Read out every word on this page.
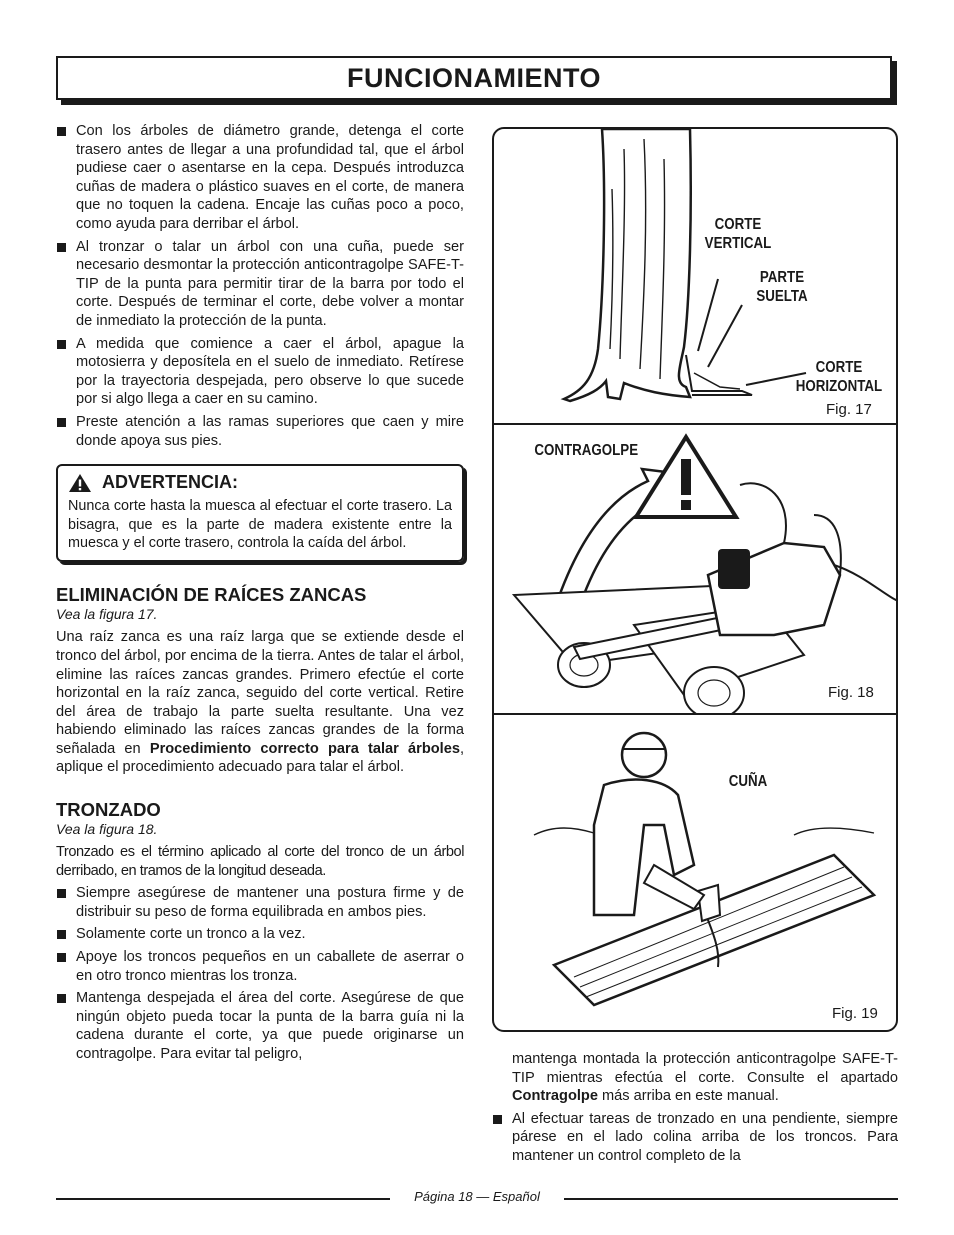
FUNCIONAMIENTO
Con los árboles de diámetro grande, detenga el corte trasero antes de llegar a una profundidad tal, que el árbol pudiese caer o asentarse en la cepa. Después introduzca cuñas de madera o plástico suaves en el corte, de manera que no toquen la cadena. Encaje las cuñas poco a poco, como ayuda para derribar el árbol.
Al tronzar o talar un árbol con una cuña, puede ser necesario desmontar la protección anticontragolpe SAFE-T-TIP de la punta para permitir tirar de la barra por todo el corte. Después de terminar el corte, debe volver a montar de inmediato la protección de la punta.
A medida que comience a caer el árbol, apague la motosierra y deposítela en el suelo de inmediato. Retírese por la trayectoria despejada, pero observe lo que sucede por si algo llega a caer en su camino.
Preste atención a las ramas superiores que caen y mire donde apoya sus pies.
ADVERTENCIA:

Nunca corte hasta la muesca al efectuar el corte trasero. La bisagra, que es la parte de madera existente entre la muesca y el corte trasero, controla la caída del árbol.

ELIMINACIÓN DE RAÍCES ZANCAS
Vea la figura 17.

Una raíz zanca es una raíz larga que se extiende desde el tronco del árbol, por encima de la tierra. Antes de talar el árbol, elimine las raíces zancas grandes. Primero efectúe el corte horizontal en la raíz zanca, seguido del corte vertical. Retire del área de trabajo la parte suelta resultante. Una vez habiendo eliminado las raíces zancas grandes de la forma señalada en Procedimiento correcto para talar árboles, aplique el procedimiento adecuado para talar el árbol.

TRONZADO
Vea la figura 18.

Tronzado es el término aplicado al corte del tronco de un árbol derribado, en tramos de la longitud deseada.

Siempre asegúrese de mantener una postura firme y de distribuir su peso de forma equilibrada en ambos pies.
Solamente corte un tronco a la vez.
Apoye los troncos pequeños en un caballete de aserrar o en otro tronco mientras los tronza.
Mantenga despejada el área del corte. Asegúrese de que ningún objeto pueda tocar la punta de la barra guía ni la cadena durante el corte, ya que puede originarse un contragolpe. Para evitar tal peligro,
CORTE
VERTICAL
PARTE
SUELTA
CORTE
HORIZONTAL
Fig. 17
CONTRAGOLPE
Fig. 18
CUÑA
Fig. 19

mantenga montada la protección anticontragolpe SAFE-T-TIP mientras efectúa el corte. Consulte el apartado Contragolpe más arriba en este manual.

Al efectuar tareas de tronzado en una pendiente, siempre párese en el lado colina arriba de los troncos. Para mantener un control completo de la
Página 18 — Español
